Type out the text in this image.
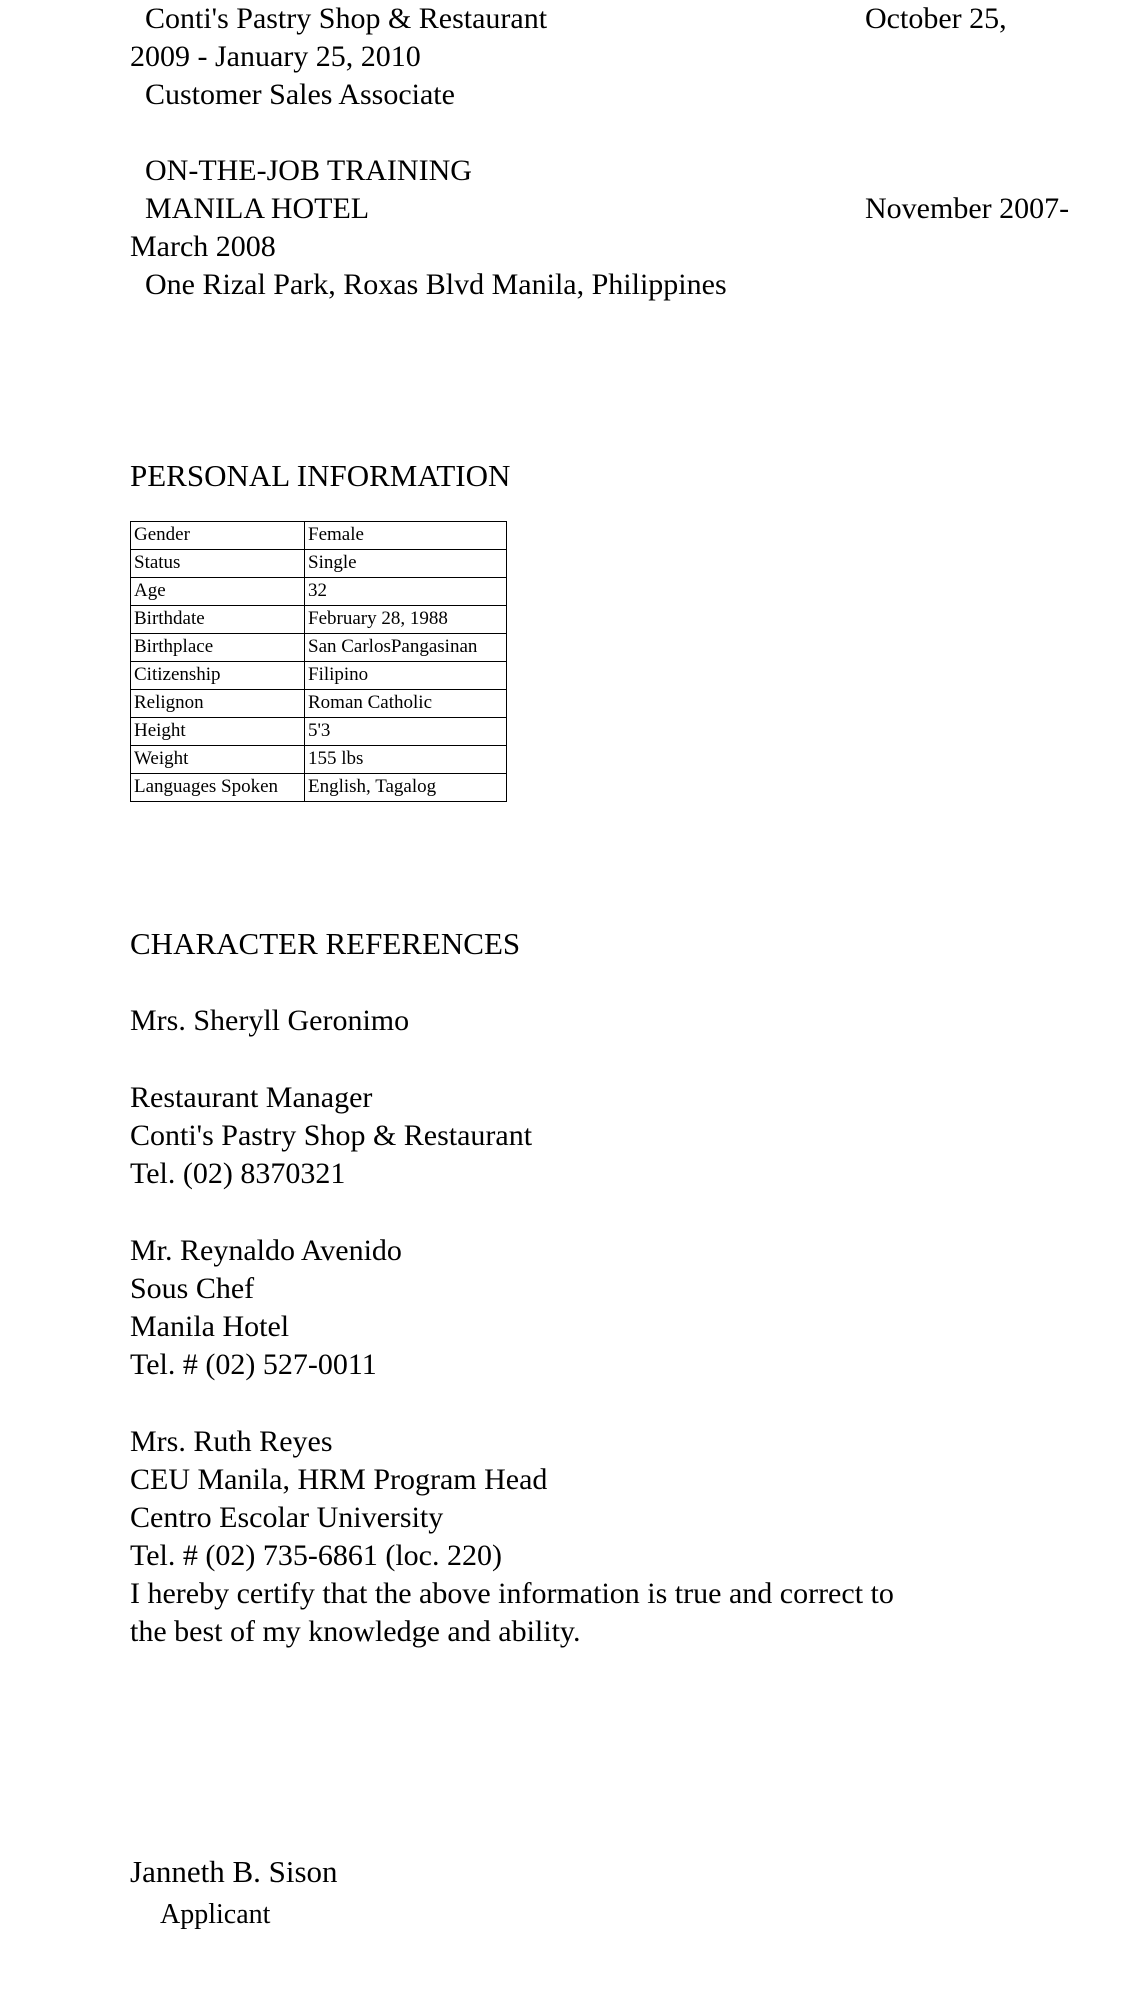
Conti's Pastry Shop & Restaurant	October 25,
2009 - January 25, 2010
Customer Sales Associate
ON-THE-JOB TRAINING
MANILA HOTEL	November 2007-
March 2008
One Rizal Park, Roxas Blvd Manila, Philippines
PERSONAL INFORMATION
Gender	Female
Status	Single
Age	32
Birthdate	February 28, 1988
Birthplace	San CarlosPangasinan
Citizenship	Filipino
Relignon	Roman Catholic
Height	5'3
Weight	155 lbs
Languages Spoken	English, Tagalog
CHARACTER REFERENCES
Mrs. Sheryll Geronimo
Restaurant Manager
Conti's Pastry Shop & Restaurant
Tel. (02) 8370321
Mr. Reynaldo Avenido
Sous Chef
Manila Hotel
Tel. # (02) 527-0011
Mrs. Ruth Reyes
CEU Manila, HRM Program Head
Centro Escolar University
Tel. # (02) 735-6861 (loc. 220)
I hereby certify that the above information is true and correct to
the best of my knowledge and ability.
Janneth B. Sison
Applicant
